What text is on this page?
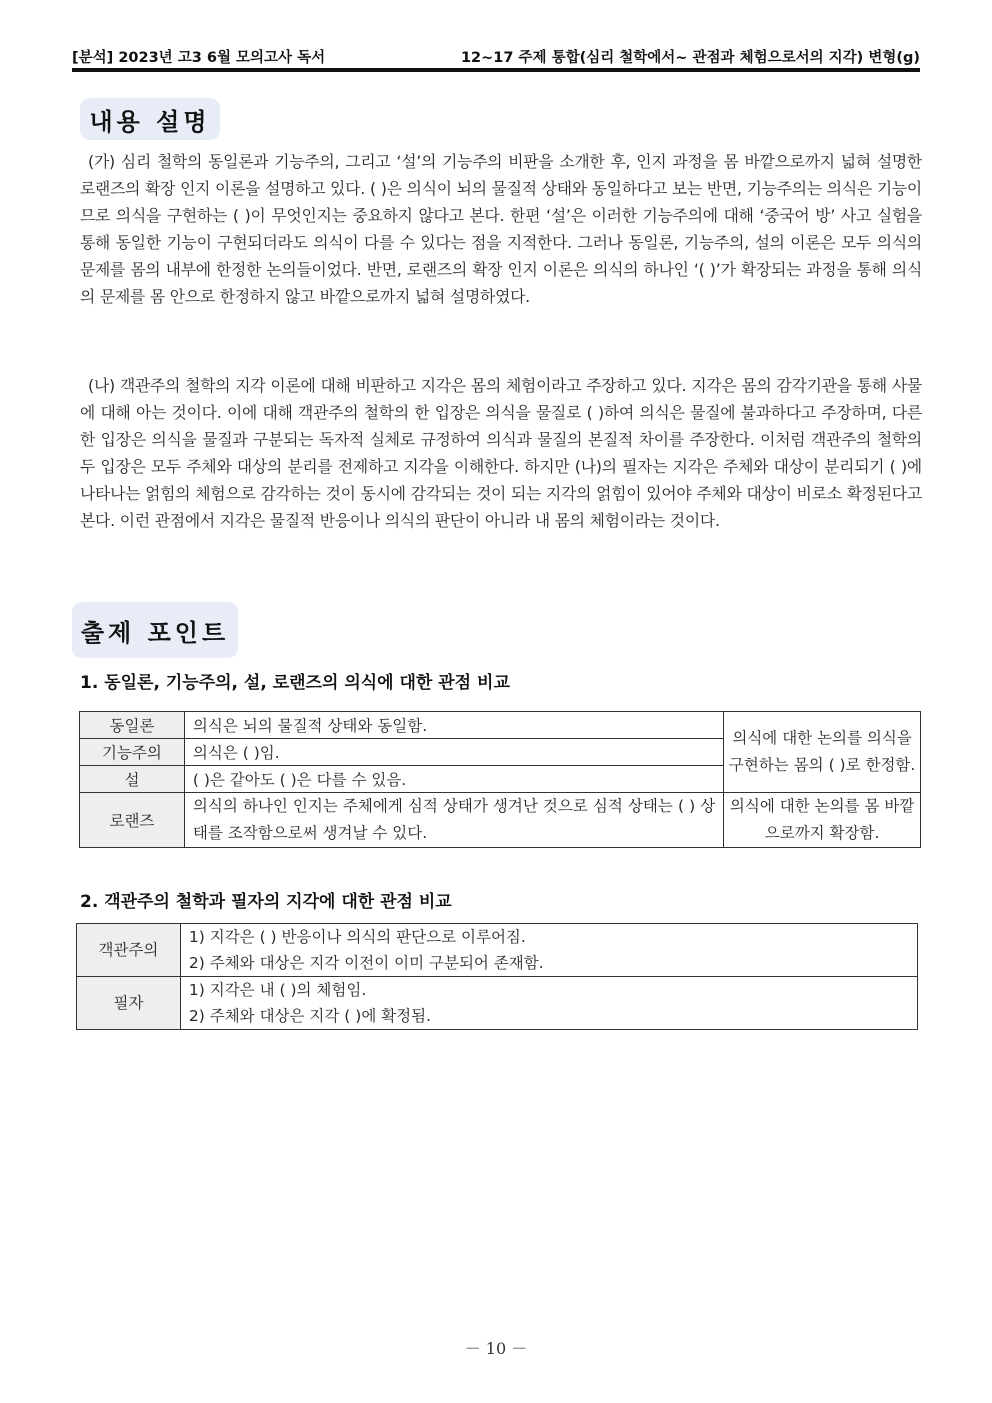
[분석] 2023년 고3 6월 모의고사 독서	12~17 주제 통합(심리 철학에서~ 관점과 체험으로서의 지각) 변형(g)
내용 설명
(가) 심리 철학의 동일론과 기능주의, 그리고 ‘설’의 기능주의 비판을 소개한 후, 인지 과정을 몸 바깥으로까지 넓혀 설명한 로랜즈의 확장 인지 이론을 설명하고 있다. ( )은 의식이 뇌의 물질적 상태와 동일하다고 보는 반면, 기능주의는 의식은 기능이므로 의식을 구현하는 ( )이 무엇인지는 중요하지 않다고 본다. 한편 ‘설’은 이러한 기능주의에 대해 ‘중국어 방’ 사고 실험을 통해 동일한 기능이 구현되더라도 의식이 다를 수 있다는 점을 지적한다. 그러나 동일론, 기능주의, 설의 이론은 모두 의식의 문제를 몸의 내부에 한정한 논의들이었다. 반면, 로랜즈의 확장 인지 이론은 의식의 하나인 ‘( )’가 확장되는 과정을 통해 의식의 문제를 몸 안으로 한정하지 않고 바깥으로까지 넓혀 설명하였다.
(나) 객관주의 철학의 지각 이론에 대해 비판하고 지각은 몸의 체험이라고 주장하고 있다. 지각은 몸의 감각기관을 통해 사물에 대해 아는 것이다. 이에 대해 객관주의 철학의 한 입장은 의식을 물질로 ( )하여 의식은 물질에 불과하다고 주장하며, 다른 한 입장은 의식을 물질과 구분되는 독자적 실체로 규정하여 의식과 물질의 본질적 차이를 주장한다. 이처럼 객관주의 철학의 두 입장은 모두 주체와 대상의 분리를 전제하고 지각을 이해한다. 하지만 (나)의 필자는 지각은 주체와 대상이 분리되기 ( )에 나타나는 얽힘의 체험으로 감각하는 것이 동시에 감각되는 것이 되는 지각의 얽힘이 있어야 주체와 대상이 비로소 확정된다고 본다. 이런 관점에서 지각은 물질적 반응이나 의식의 판단이 아니라 내 몸의 체험이라는 것이다.
출제 포인트
1. 동일론, 기능주의, 설, 로랜즈의 의식에 대한 관점 비교
동일론	의식은 뇌의 물질적 상태와 동일함.	의식에 대한 논의를 의식을 구현하는 몸의 ( )로 한정함.
기능주의	의식은 ( )임.	
설	( )은 같아도 ( )은 다를 수 있음.	
로랜즈	의식의 하나인 인지는 주체에게 심적 상태가 생겨난 것으로 심적 상태는 ( ) 상태를 조작함으로써 생겨날 수 있다.	의식에 대한 논의를 몸 바깥으로까지 확장함.
2. 객관주의 철학과 필자의 지각에 대한 관점 비교
객관주의	1) 지각은 ( ) 반응이나 의식의 판단으로 이루어짐.
2) 주체와 대상은 지각 이전이 이미 구분되어 존재함.

필자	1) 지각은 내 ( )의 체험임.
2) 주체와 대상은 지각 ( )에 확정됨.
－ 10 －
